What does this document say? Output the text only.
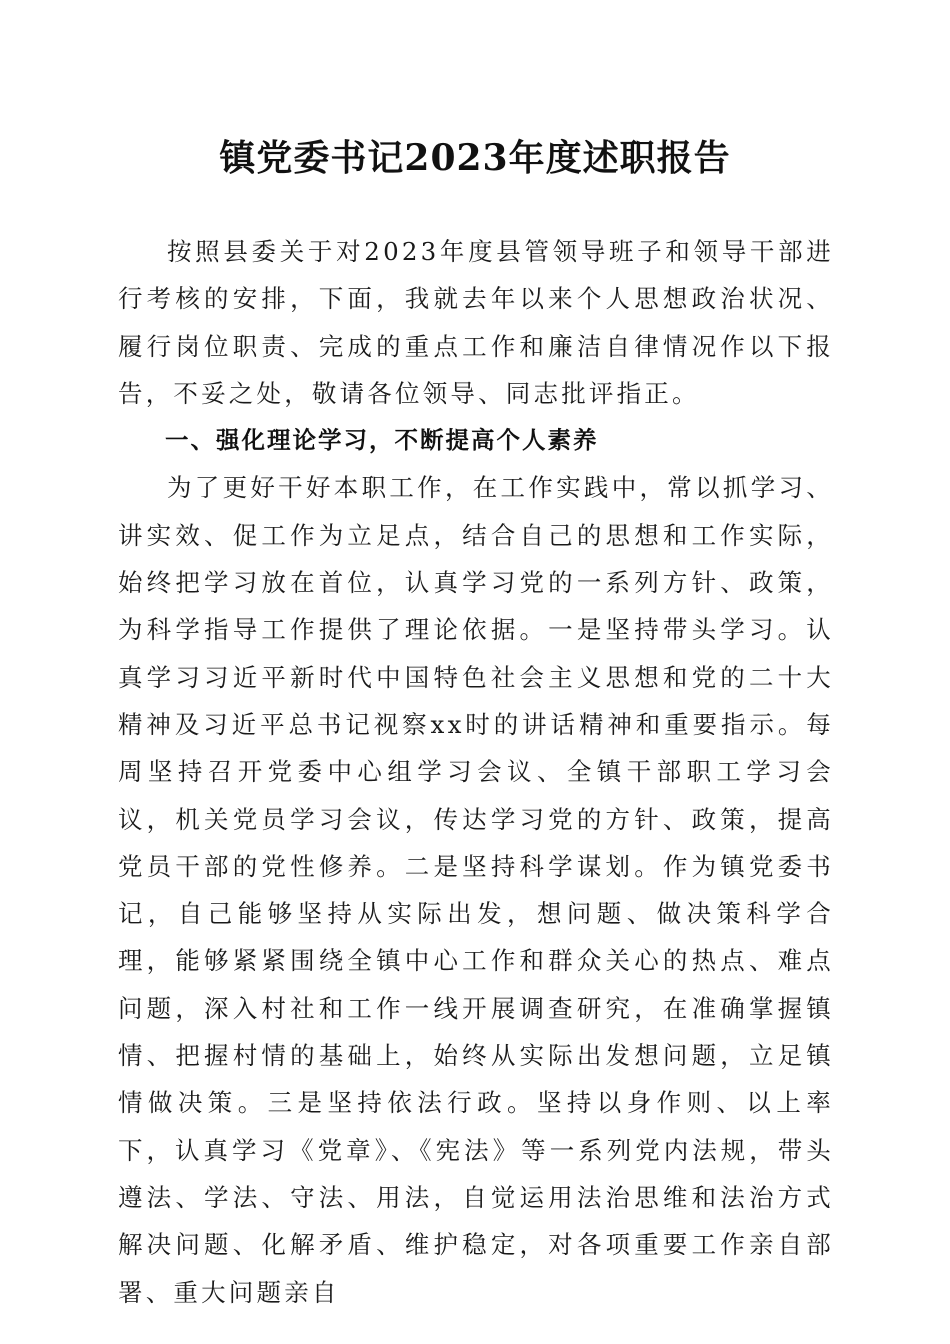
镇党委书记2023年度述职报告

按照县委关于对2023年度县管领导班子和领导干部进行考核的安排，下面，我就去年以来个人思想政治状况、履行岗位职责、完成的重点工作和廉洁自律情况作以下报告，不妥之处，敬请各位领导、同志批评指正。

一、强化理论学习，不断提高个人素养

为了更好干好本职工作，在工作实践中，常以抓学习、讲实效、促工作为立足点，结合自己的思想和工作实际，始终把学习放在首位，认真学习党的一系列方针、政策，为科学指导工作提供了理论依据。一是坚持带头学习。认真学习习近平新时代中国特色社会主义思想和党的二十大精神及习近平总书记视察xx时的讲话精神和重要指示。每周坚持召开党委中心组学习会议、全镇干部职工学习会议，机关党员学习会议，传达学习党的方针、政策，提高党员干部的党性修养。二是坚持科学谋划。作为镇党委书记，自己能够坚持从实际出发，想问题、做决策科学合理，能够紧紧围绕全镇中心工作和群众关心的热点、难点问题，深入村社和工作一线开展调查研究，在准确掌握镇情、把握村情的基础上，始终从实际出发想问题，立足镇情做决策。三是坚持依法行政。坚持以身作则、以上率下，认真学习《党章》、《宪法》等一系列党内法规，带头遵法、学法、守法、用法，自觉运用法治思维和法治方式解决问题、化解矛盾、维护稳定，对各项重要工作亲自部署、重大问题亲自
